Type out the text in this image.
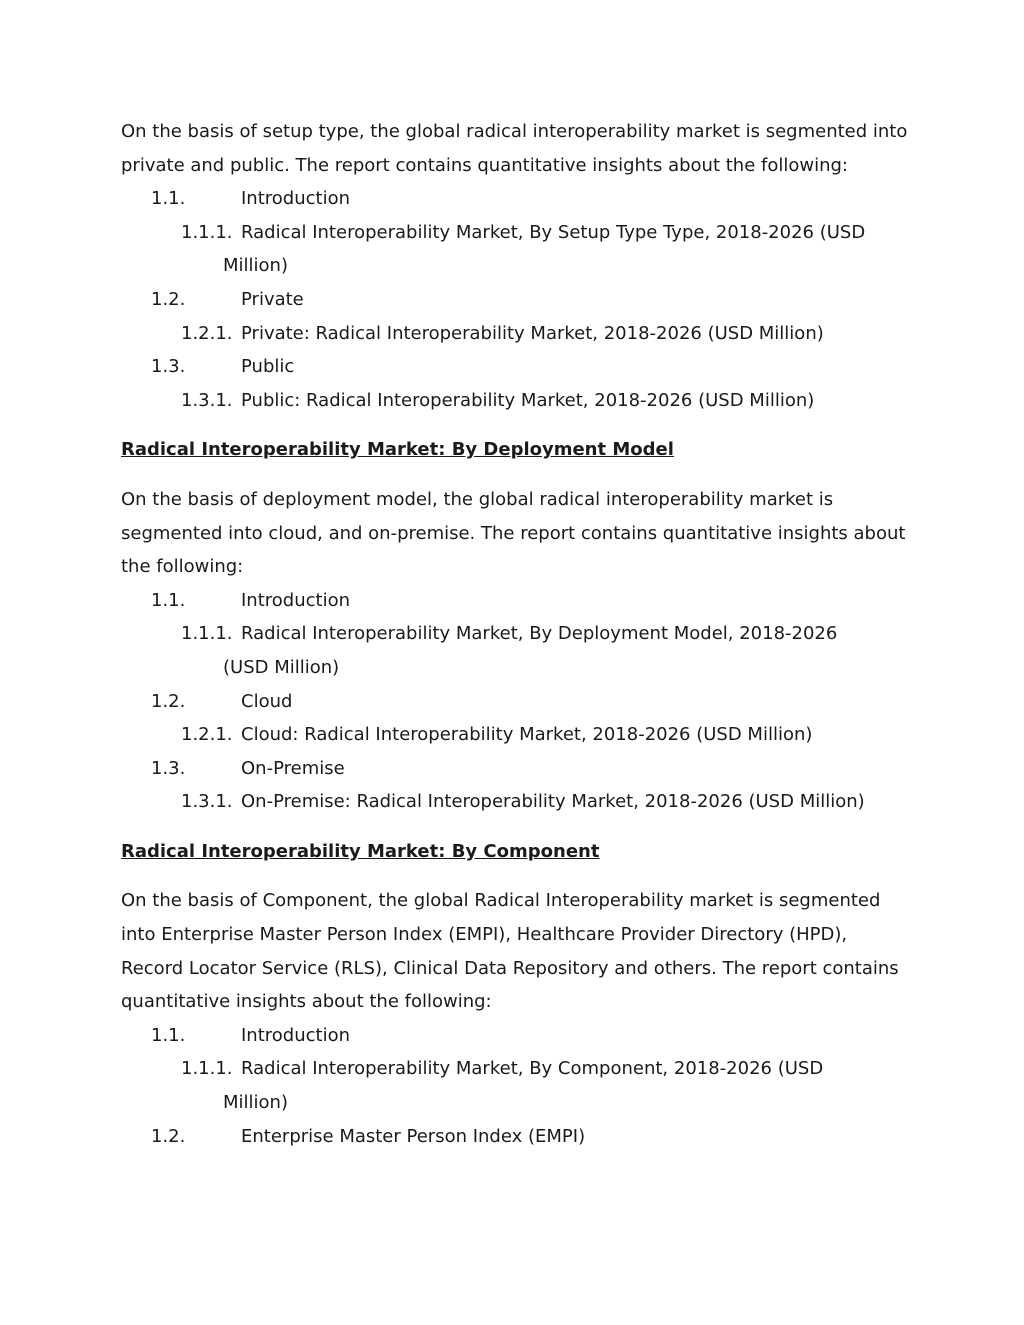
On the basis of setup type, the global radical interoperability market is segmented into private and public. The report contains quantitative insights about the following:

1.1.	Introduction
1.1.1. Radical Interoperability Market, By Setup Type Type, 2018-2026 (USD
Million)
1.2.	Private
1.2.1. Private: Radical Interoperability Market, 2018-2026 (USD Million)
1.3.	Public
1.3.1. Public: Radical Interoperability Market, 2018-2026 (USD Million)

Radical Interoperability Market: By Deployment Model

On the basis of deployment model, the global radical interoperability market is segmented into cloud, and on-premise. The report contains quantitative insights about the following:

1.1.	Introduction
1.1.1. Radical Interoperability Market, By Deployment Model, 2018-2026
(USD Million)
1.2.	Cloud
1.2.1. Cloud: Radical Interoperability Market, 2018-2026 (USD Million)
1.3.	On-Premise
1.3.1. On-Premise: Radical Interoperability Market, 2018-2026 (USD Million)

Radical Interoperability Market: By Component

On the basis of Component, the global Radical Interoperability market is segmented into Enterprise Master Person Index (EMPI), Healthcare Provider Directory (HPD), Record Locator Service (RLS), Clinical Data Repository and others. The report contains quantitative insights about the following:

1.1.	Introduction
1.1.1. Radical Interoperability Market, By Component, 2018-2026 (USD
Million)
1.2.	Enterprise Master Person Index (EMPI)
